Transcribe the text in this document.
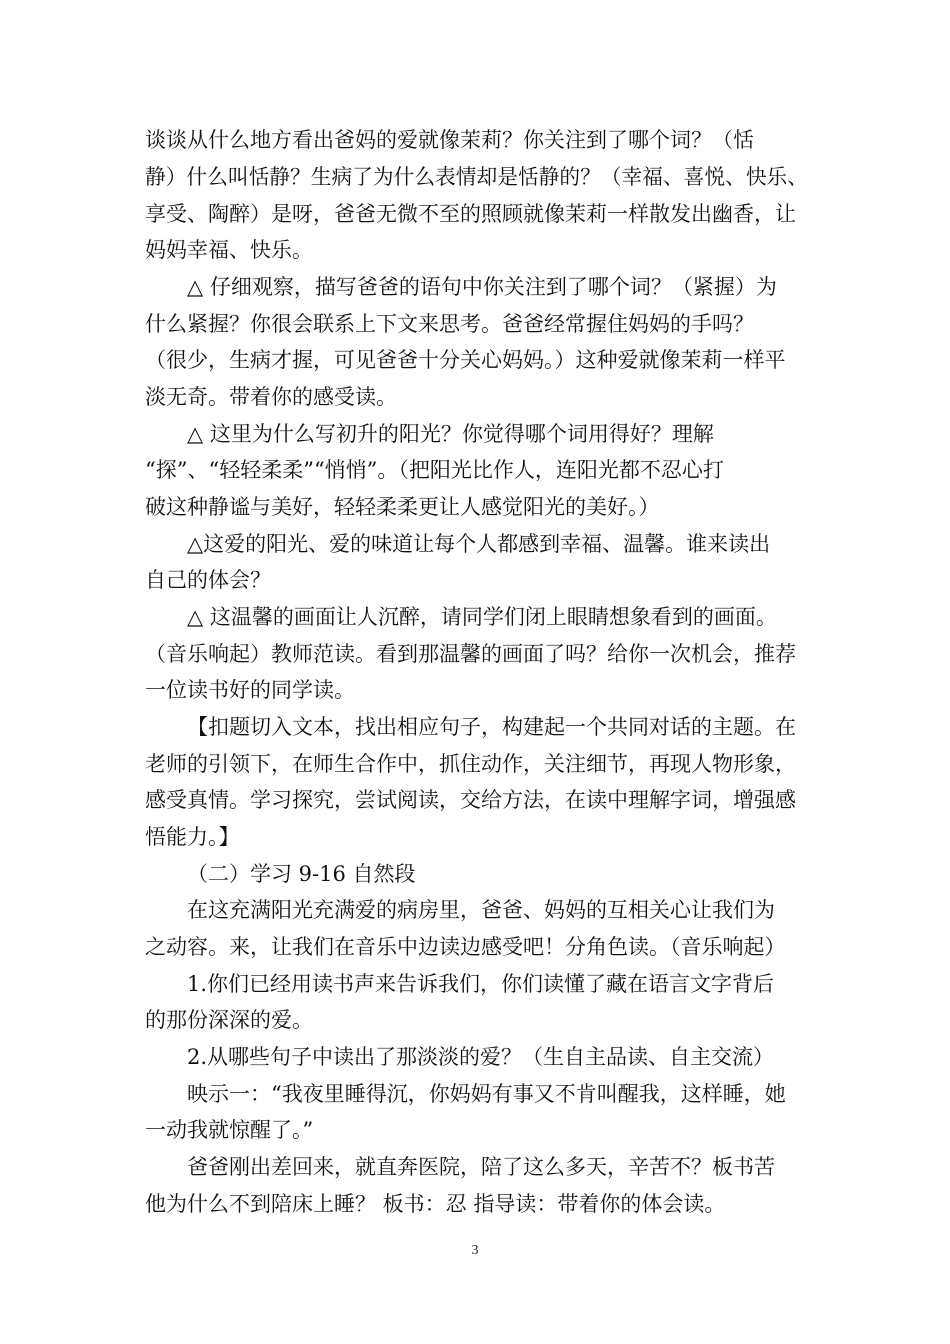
谈谈从什么地方看出爸妈的爱就像茉莉？你关注到了哪个词？（恬
静）什么叫恬静？生病了为什么表情却是恬静的？（幸福、喜悦、快乐、
享受、陶醉）是呀，爸爸无微不至的照顾就像茉莉一样散发出幽香，让
妈妈幸福、快乐。
△ 仔细观察，描写爸爸的语句中你关注到了哪个词？（紧握）为
什么紧握？你很会联系上下文来思考。爸爸经常握住妈妈的手吗？
（很少，生病才握，可见爸爸十分关心妈妈。）这种爱就像茉莉一样平
淡无奇。带着你的感受读。
△ 这里为什么写初升的阳光？你觉得哪个词用得好？理解
“探”、“轻轻柔柔”“悄悄”。（把阳光比作人，连阳光都不忍心打
破这种静谧与美好，轻轻柔柔更让人感觉阳光的美好。）
△这爱的阳光、爱的味道让每个人都感到幸福、温馨。谁来读出
自己的体会？
△ 这温馨的画面让人沉醉，请同学们闭上眼睛想象看到的画面。
（音乐响起）教师范读。看到那温馨的画面了吗？给你一次机会，推荐
一位读书好的同学读。
【扣题切入文本，找出相应句子，构建起一个共同对话的主题。在
老师的引领下，在师生合作中，抓住动作，关注细节，再现人物形象，
感受真情。学习探究，尝试阅读，交给方法，在读中理解字词，增强感
悟能力。】
（二）学习 9-16 自然段
在这充满阳光充满爱的病房里，爸爸、妈妈的互相关心让我们为
之动容。来，让我们在音乐中边读边感受吧！分角色读。（音乐响起）
1.你们已经用读书声来告诉我们，你们读懂了藏在语言文字背后
的那份深深的爱。
2.从哪些句子中读出了那淡淡的爱？（生自主品读、自主交流）
映示一：“我夜里睡得沉，你妈妈有事又不肯叫醒我，这样睡，她
一动我就惊醒了。”
爸爸刚出差回来，就直奔医院，陪了这么多天，辛苦不？板书苦
他为什么不到陪床上睡？ 板书：忍 指导读：带着你的体会读。
3
